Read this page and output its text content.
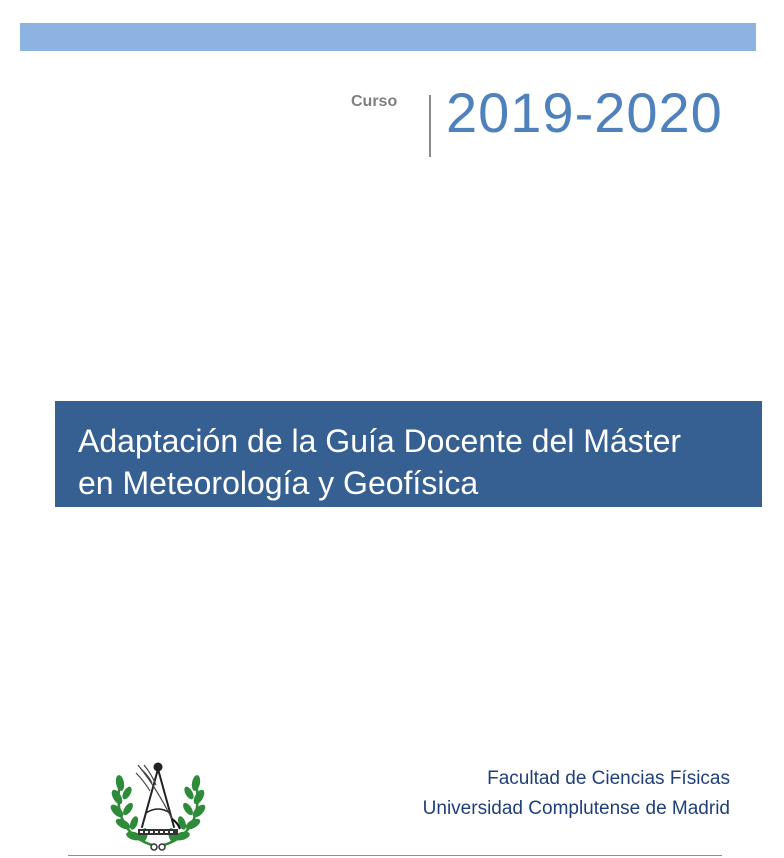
Curso 2019-2020
Adaptación de la Guía Docente del Máster
en Meteorología y Geofísica
Facultad de Ciencias Físicas
Universidad Complutense de Madrid
